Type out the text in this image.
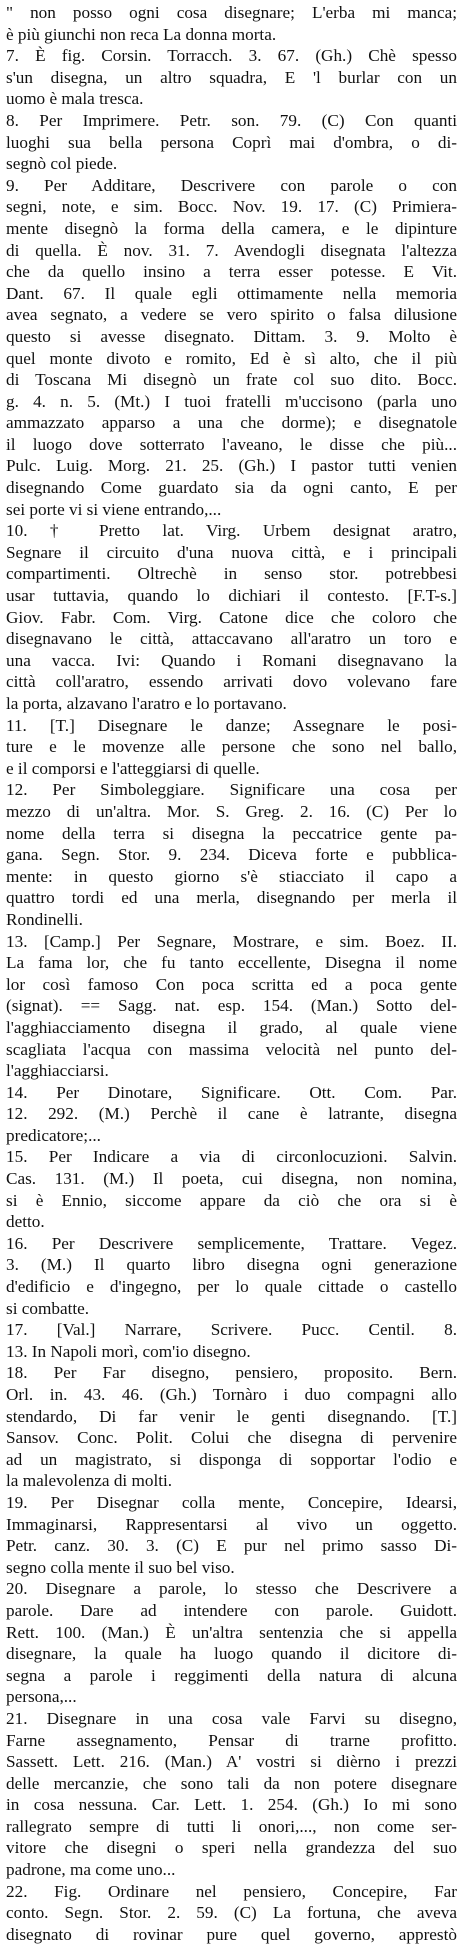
" non posso ogni cosa disegnare; L'erba mi manca;
è più giunchi non reca La donna morta.
7. È fig. Corsin. Torracch. 3. 67. (Gh.) Chè spesso
s'un disegna, un altro squadra, E 'l burlar con un
uomo è mala tresca.
8. Per Imprimere. Petr. son. 79. (C) Con quanti
luoghi sua bella persona Coprì mai d'ombra, o di-
segnò col piede.
9. Per Additare, Descrivere con parole o con
segni, note, e sim. Bocc. Nov. 19. 17. (C) Primiera-
mente disegnò la forma della camera, e le dipinture
di quella. È nov. 31. 7. Avendogli disegnata l'altezza
che da quello insino a terra esser potesse. E Vit.
Dant. 67. Il quale egli ottimamente nella memoria
avea segnato, a vedere se vero spirito o falsa dilusione
questo si avesse disegnato. Dittam. 3. 9. Molto è
quel monte divoto e romito, Ed è sì alto, che il più
di Toscana Mi disegnò un frate col suo dito. Bocc.
g. 4. n. 5. (Mt.) I tuoi fratelli m'uccisono (parla uno
ammazzato apparso a una che dorme); e disegnatole
il luogo dove sotterrato l'aveano, le disse che più...
Pulc. Luig. Morg. 21. 25. (Gh.) I pastor tutti venien
disegnando Come guardato sia da ogni canto, E per
sei porte vi si viene entrando,...
10. † Pretto lat. Virg. Urbem designat aratro,
Segnare il circuito d'una nuova città, e i principali
compartimenti. Oltrechè in senso stor. potrebbesi
usar tuttavia, quando lo dichiari il contesto. [F.T-s.]
Giov. Fabr. Com. Virg. Catone dice che coloro che
disegnavano le città, attaccavano all'aratro un toro e
una vacca. Ivi: Quando i Romani disegnavano la
città coll'aratro, essendo arrivati dovo volevano fare
la porta, alzavano l'aratro e lo portavano.
11. [T.] Disegnare le danze; Assegnare le posi-
ture e le movenze alle persone che sono nel ballo,
e il comporsi e l'atteggiarsi di quelle.
12. Per Simboleggiare. Significare una cosa per
mezzo di un'altra. Mor. S. Greg. 2. 16. (C) Per lo
nome della terra si disegna la peccatrice gente pa-
gana. Segn. Stor. 9. 234. Diceva forte e pubblica-
mente: in questo giorno s'è stiacciato il capo a
quattro tordi ed una merla, disegnando per merla il
Rondinelli.
13. [Camp.] Per Segnare, Mostrare, e sim. Boez. II.
La fama lor, che fu tanto eccellente, Disegna il nome
lor così famoso Con poca scritta ed a poca gente
(signat). == Sagg. nat. esp. 154. (Man.) Sotto del-
l'agghiacciamento disegna il grado, al quale viene
scagliata l'acqua con massima velocità nel punto del-
l'agghiacciarsi.
14. Per Dinotare, Significare. Ott. Com. Par.
12. 292. (M.) Perchè il cane è latrante, disegna
predicatore;...
15. Per Indicare a via di circonlocuzioni. Salvin.
Cas. 131. (M.) Il poeta, cui disegna, non nomina,
si è Ennio, siccome appare da ciò che ora si è
detto.
16. Per Descrivere semplicemente, Trattare. Vegez.
3. (M.) Il quarto libro disegna ogni generazione
d'edificio e d'ingegno, per lo quale cittade o castello
si combatte.
17. [Val.] Narrare, Scrivere. Pucc. Centil. 8.
13. In Napoli morì, com'io disegno.
18. Per Far disegno, pensiero, proposito. Bern.
Orl. in. 43. 46. (Gh.) Tornàro i duo compagni allo
stendardo, Di far venir le genti disegnando. [T.]
Sansov. Conc. Polit. Colui che disegna di pervenire
ad un magistrato, si disponga di sopportar l'odio e
la malevolenza di molti.
19. Per Disegnar colla mente, Concepire, Idearsi,
Immaginarsi, Rappresentarsi al vivo un oggetto.
Petr. canz. 30. 3. (C) E pur nel primo sasso Di-
segno colla mente il suo bel viso.
20. Disegnare a parole, lo stesso che Descrivere a
parole. Dare ad intendere con parole. Guidott.
Rett. 100. (Man.) È un'altra sentenzia che si appella
disegnare, la quale ha luogo quando il dicitore di-
segna a parole i reggimenti della natura di alcuna
persona,...
21. Disegnare in una cosa vale Farvi su disegno,
Farne assegnamento, Pensar di trarne profitto.
Sassett. Lett. 216. (Man.) A' vostri si dièrno i prezzi
delle mercanzie, che sono tali da non potere disegnare
in cosa nessuna. Car. Lett. 1. 254. (Gh.) Io mi sono
rallegrato sempre di tutti li onori,..., non come ser-
vitore che disegni o speri nella grandezza del suo
padrone, ma come uno...
22. Fig. Ordinare nel pensiero, Concepire, Far
conto. Segn. Stor. 2. 59. (C) La fortuna, che aveva
disegnato di rovinar pure quel governo, apprestò
